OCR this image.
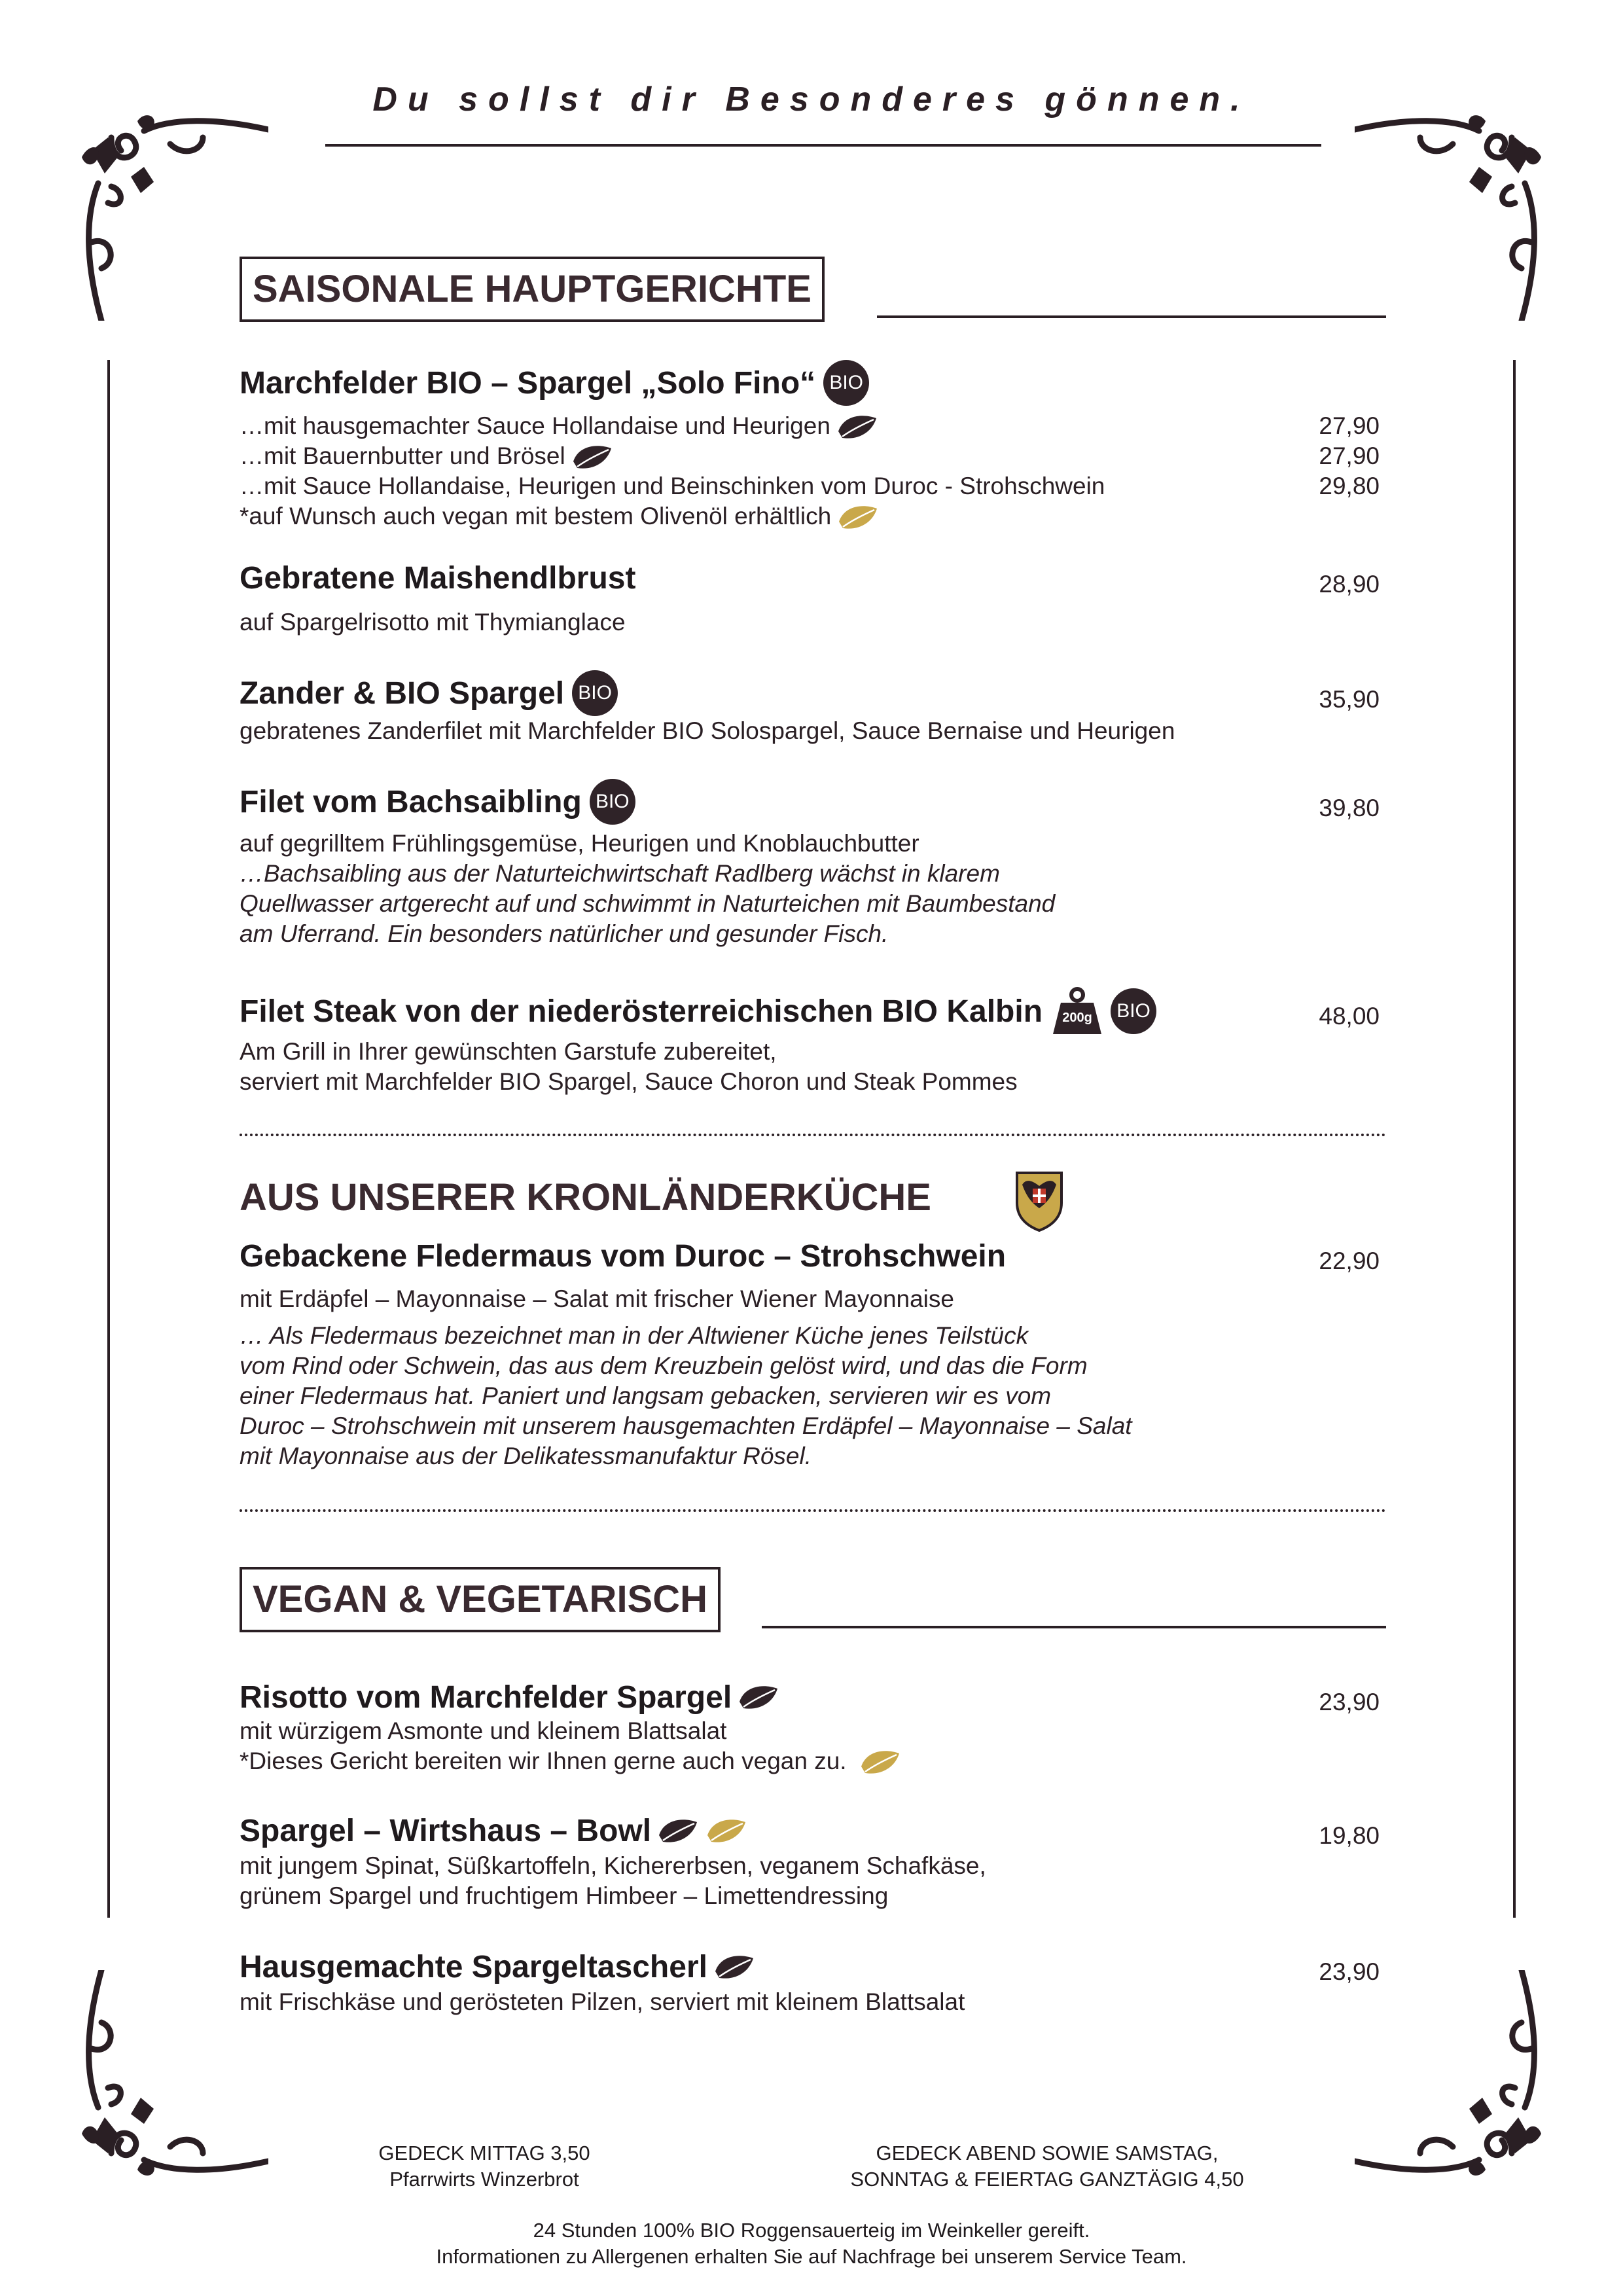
Du sollst dir Besonderes gönnen.
SAISONALE HAUPTGERICHTE
Marchfelder BIO – Spargel „Solo Fino“ BIO
…mit hausgemachter Sauce Hollandaise und Heurigen	27,90
…mit Bauernbutter und Brösel	27,90
…mit Sauce Hollandaise, Heurigen und Beinschinken vom Duroc - Strohschwein	29,80
*auf Wunsch auch vegan mit bestem Olivenöl erhältlich
Gebratene Maishendlbrust	28,90
auf Spargelrisotto mit Thymianglace
Zander & BIO Spargel BIO	35,90
gebratenes Zanderfilet mit Marchfelder BIO Solospargel, Sauce Bernaise und Heurigen
Filet vom Bachsaibling BIO	39,80
auf gegrilltem Frühlingsgemüse, Heurigen und Knoblauchbutter
…Bachsaibling aus der Naturteichwirtschaft Radlberg wächst in klarem
Quellwasser artgerecht auf und schwimmt in Naturteichen mit Baumbestand
am Uferrand. Ein besonders natürlicher und gesunder Fisch.
Filet Steak von der niederösterreichischen BIO Kalbin	200g	BIO	48,00
Am Grill in Ihrer gewünschten Garstufe zubereitet,
serviert mit Marchfelder BIO Spargel, Sauce Choron und Steak Pommes
AUS UNSERER KRONLÄNDERKÜCHE
Gebackene Fledermaus vom Duroc – Strohschwein	22,90
mit Erdäpfel – Mayonnaise – Salat mit frischer Wiener Mayonnaise
… Als Fledermaus bezeichnet man in der Altwiener Küche jenes Teilstück
vom Rind oder Schwein, das aus dem Kreuzbein gelöst wird, und das die Form
einer Fledermaus hat. Paniert und langsam gebacken, servieren wir es vom
Duroc – Strohschwein mit unserem hausgemachten Erdäpfel – Mayonnaise – Salat
mit Mayonnaise aus der Delikatessmanufaktur Rösel.
VEGAN & VEGETARISCH
Risotto vom Marchfelder Spargel	23,90
mit würzigem Asmonte und kleinem Blattsalat
*Dieses Gericht bereiten wir Ihnen gerne auch vegan zu.
Spargel – Wirtshaus – Bowl	19,80
mit jungem Spinat, Süßkartoffeln, Kichererbsen, veganem Schafkäse,
grünem Spargel und fruchtigem Himbeer – Limettendressing
Hausgemachte Spargeltascherl	23,90
mit Frischkäse und gerösteten Pilzen, serviert mit kleinem Blattsalat
GEDECK MITTAG 3,50
Pfarrwirts Winzerbrot
GEDECK ABEND SOWIE SAMSTAG,
SONNTAG & FEIERTAG GANZTÄGIG 4,50
24 Stunden 100% BIO Roggensauerteig im Weinkeller gereift.
Informationen zu Allergenen erhalten Sie auf Nachfrage bei unserem Service Team.
